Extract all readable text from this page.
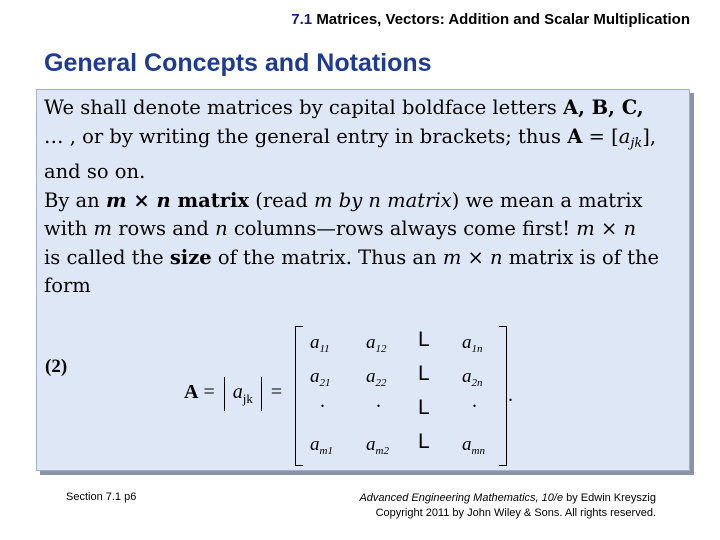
7.1 Matrices, Vectors: Addition and Scalar Multiplication
General Concepts and Notations
We shall denote matrices by capital boldface letters A, B, C,
… , or by writing the general entry in brackets; thus $A = [a_{jk}]$,
and so on.
By an m × n matrix (read m by n matrix) we mean a matrix
with m rows and n columns—rows always come first! m × n
is called the size of the matrix. Thus an m × n matrix is of the
form
(2)
$A = a_{jk}$ =
$a_{11}$ $a_{12}$ L $a_{1n}$
$a_{21}$ $a_{22}$ L $a_{2n}$
.	. L .
$a_{m1}$ $a_{m2}$ L $a_{mn}$
.
Section 7.1 p6	Advanced Engineering Mathematics, 10/e by Edwin Kreyszig
Copyright 2011 by John Wiley & Sons. All rights reserved.
